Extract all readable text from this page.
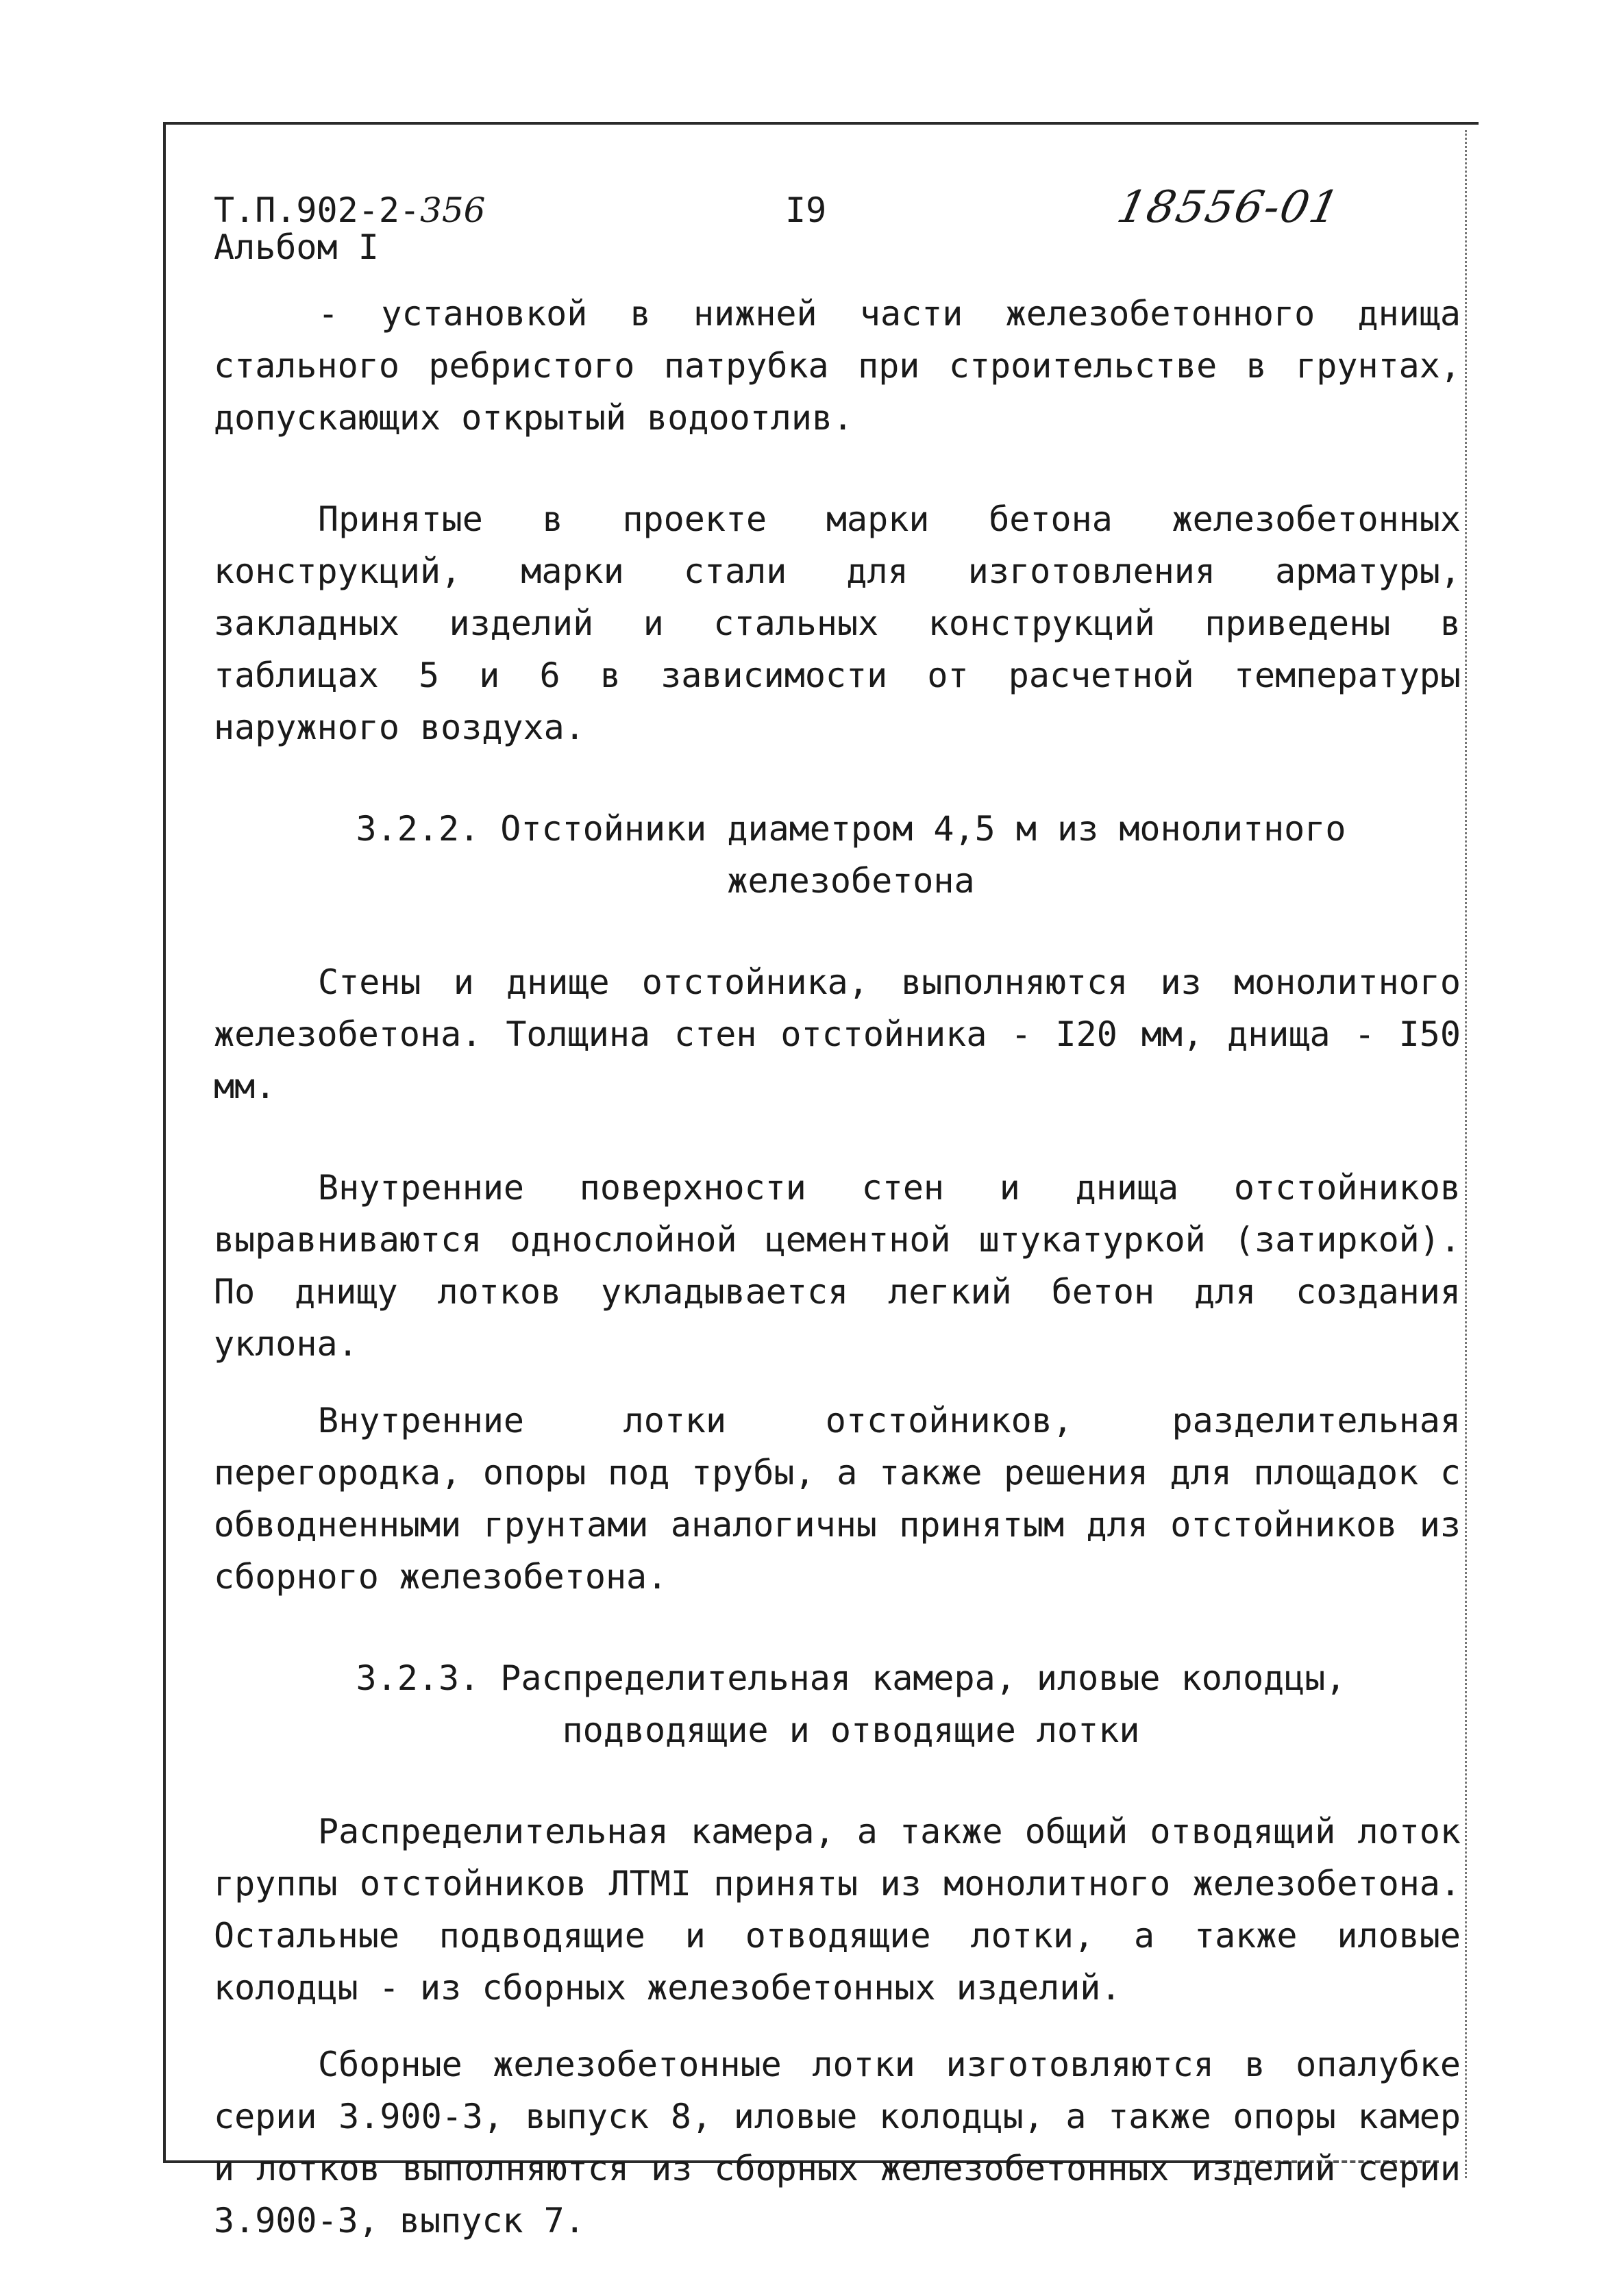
Т.П.902-2-356
Альбом I
I9	18556-01

- установкой в нижней части железобетонного днища стального ребристого патрубка при строительстве в грунтах, допускающих открытый водоотлив.

Принятые в проекте марки бетона железобетонных конструкций, марки стали для изготовления арматуры, закладных изделий и стальных конструкций приведены в таблицах 5 и 6 в зависимости от расчетной температуры наружного воздуха.

3.2.2. Отстойники диаметром 4,5 м из монолитного
железобетона

Стены и днище отстойника, выполняются из монолитного железобетона. Толщина стен отстойника - I20 мм, днища - I50 мм.

Внутренние поверхности стен и днища отстойников выравниваются однослойной цементной штукатуркой (затиркой). По днищу лотков укладывается легкий бетон для создания уклона.

Внутренние лотки отстойников, разделительная перегородка, опоры под трубы, а также решения для площадок с обводненными грунтами аналогичны принятым для отстойников из сборного железобетона.

3.2.3. Распределительная камера, иловые колодцы,
подводящие и отводящие лотки

Распределительная камера, а также общий отводящий лоток группы отстойников ЛТМI приняты из монолитного железобетона. Остальные подводящие и отводящие лотки, а также иловые колодцы - из сборных железобетонных изделий.

Сборные железобетонные лотки изготовляются в опалубке серии 3.900-3, выпуск 8, иловые колодцы, а также опоры камер и лотков выполняются из сборных железобетонных изделий серии 3.900-3, выпуск 7.
